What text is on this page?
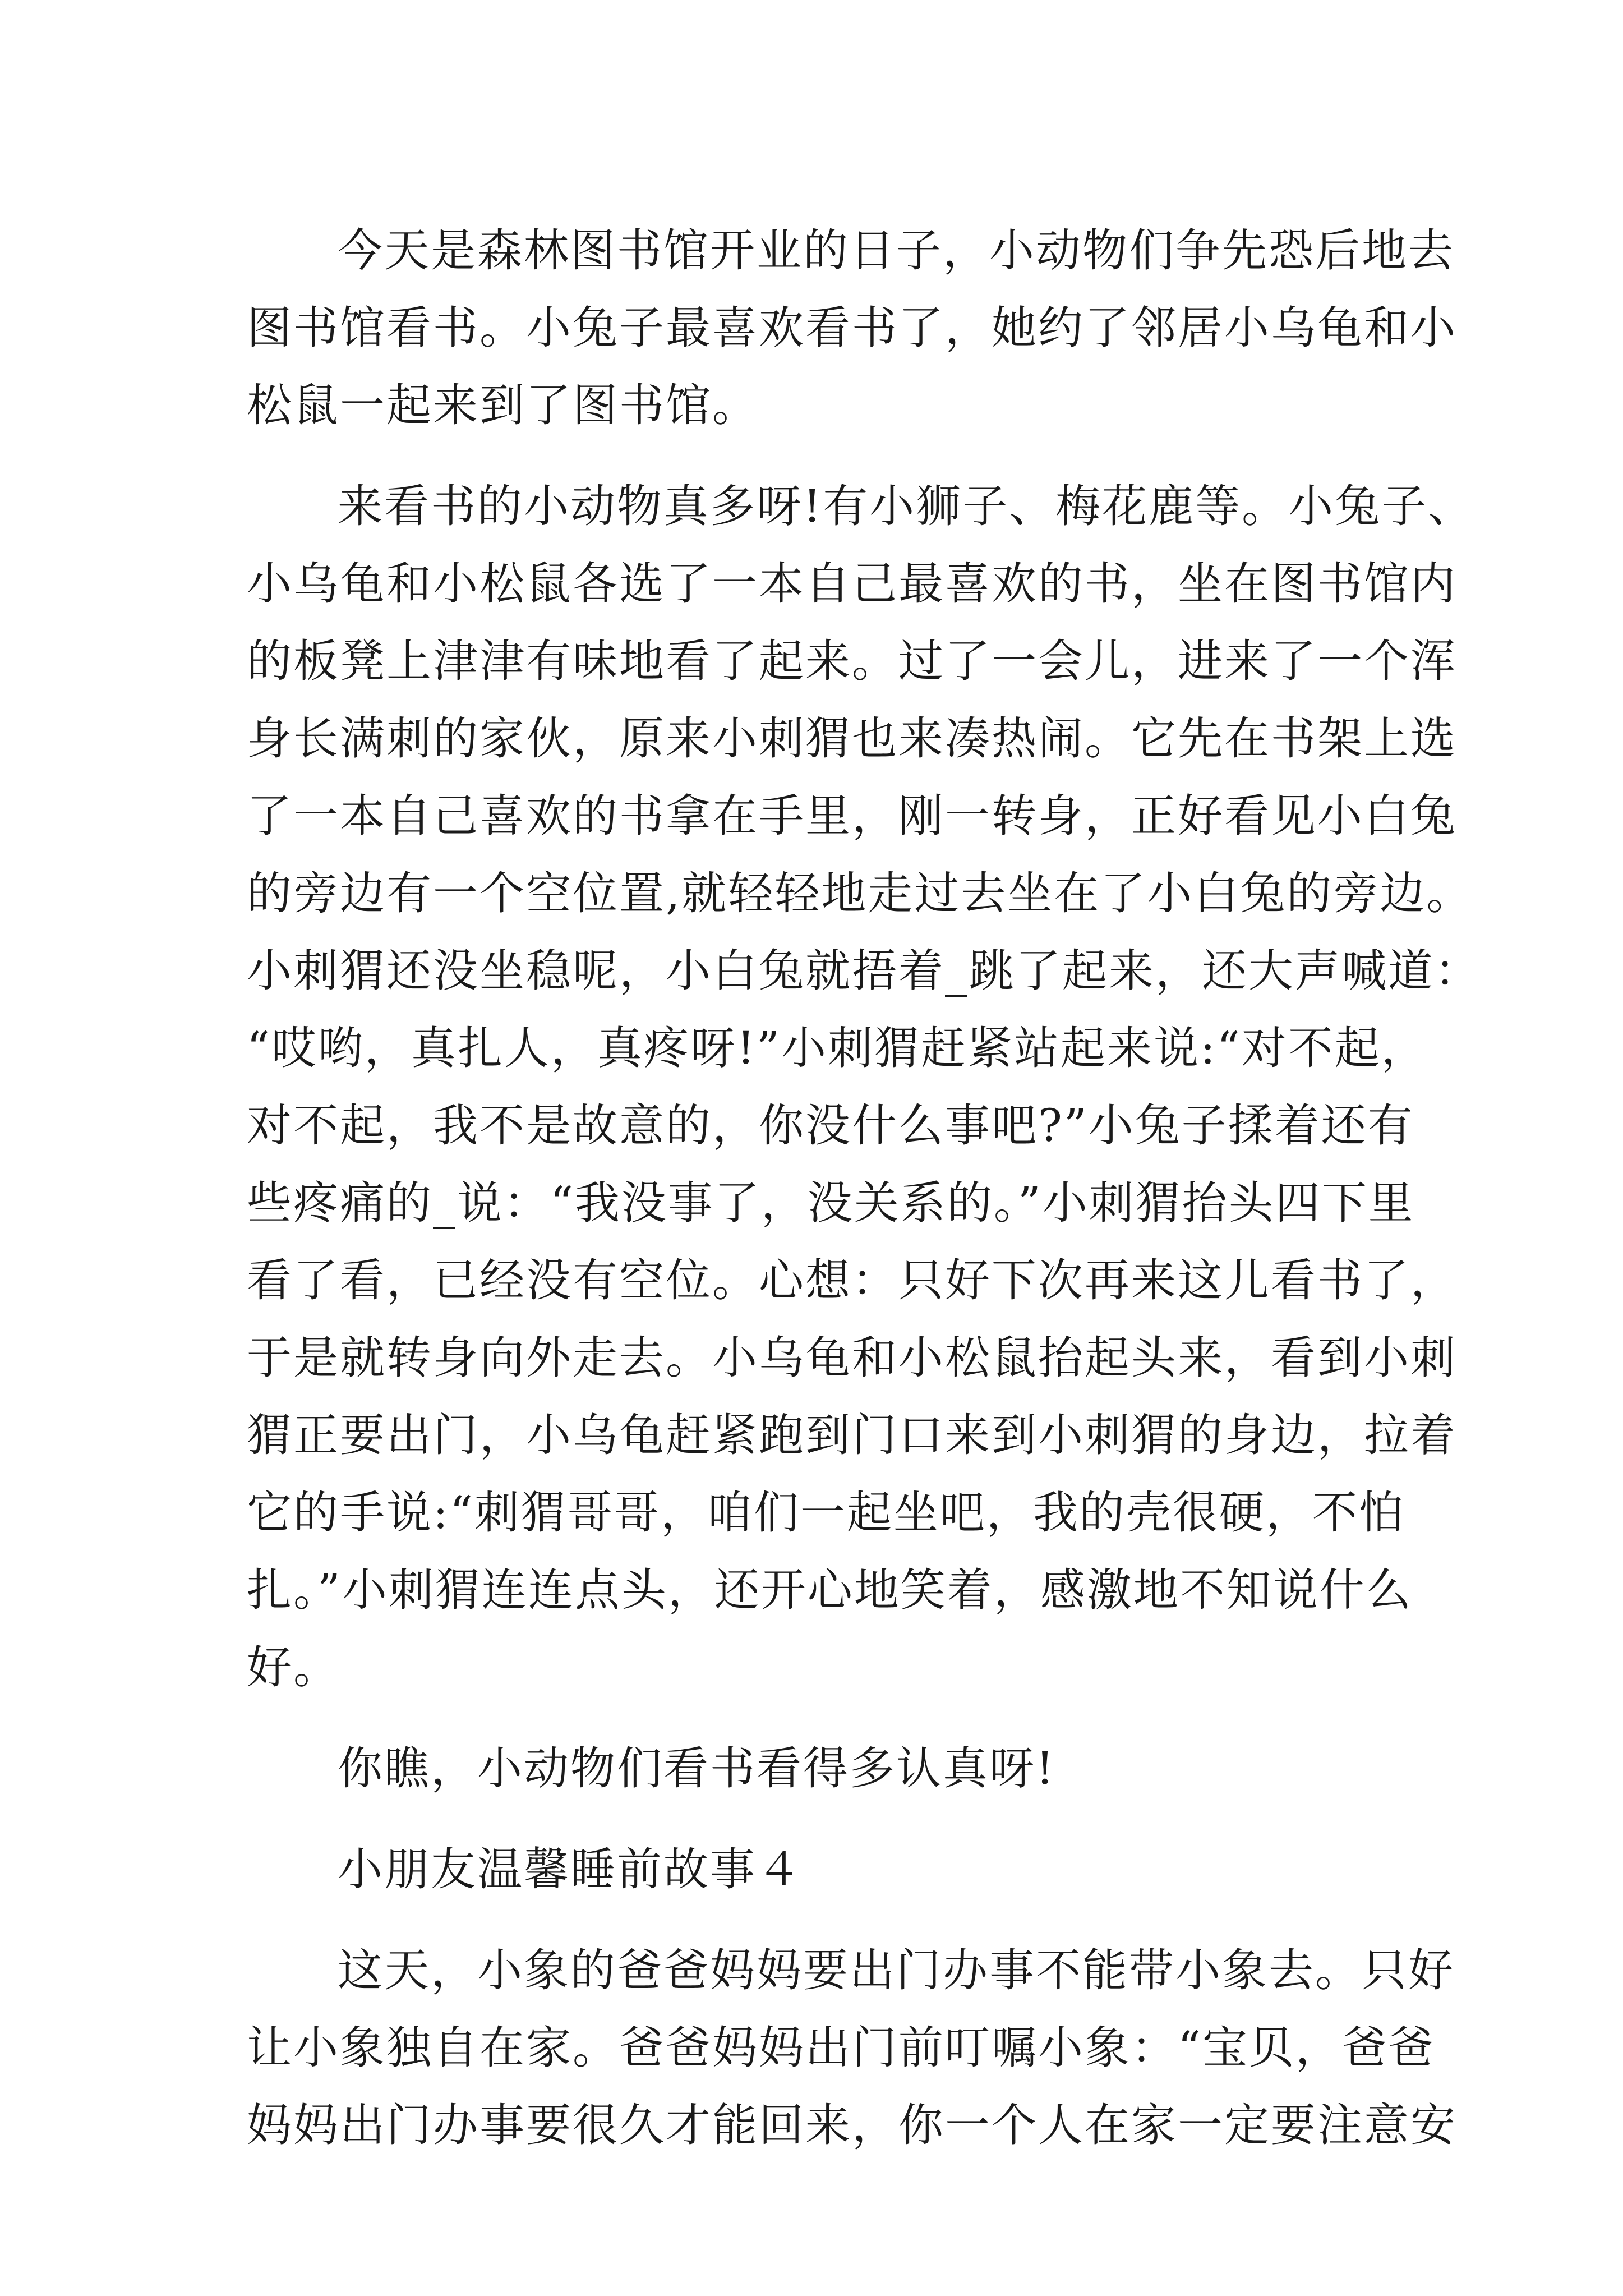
今天是森林图书馆开业的日子，小动物们争先恐后地去
图书馆看书。小兔子最喜欢看书了，她约了邻居小乌龟和小
松鼠一起来到了图书馆。
来看书的小动物真多呀!有小狮子、梅花鹿等。小兔子、
小乌龟和小松鼠各选了一本自己最喜欢的书，坐在图书馆内
的板凳上津津有味地看了起来。过了一会儿，进来了一个浑
身长满刺的家伙，原来小刺猬也来凑热闹。它先在书架上选
了一本自己喜欢的书拿在手里，刚一转身，正好看见小白兔
的旁边有一个空位置,就轻轻地走过去坐在了小白兔的旁边。
小刺猬还没坐稳呢，小白兔就捂着_跳了起来，还大声喊道：
“哎哟，真扎人，真疼呀!”小刺猬赶紧站起来说:“对不起，
对不起，我不是故意的，你没什么事吧?”小兔子揉着还有
些疼痛的_说：“我没事了，没关系的。”小刺猬抬头四下里
看了看，已经没有空位。心想：只好下次再来这儿看书了，
于是就转身向外走去。小乌龟和小松鼠抬起头来，看到小刺
猬正要出门，小乌龟赶紧跑到门口来到小刺猬的身边，拉着
它的手说:“刺猬哥哥，咱们一起坐吧，我的壳很硬，不怕
扎。”小刺猬连连点头，还开心地笑着，感激地不知说什么
好。
你瞧，小动物们看书看得多认真呀!
小朋友温馨睡前故事４
这天，小象的爸爸妈妈要出门办事不能带小象去。只好
让小象独自在家。爸爸妈妈出门前叮嘱小象：“宝贝，爸爸
妈妈出门办事要很久才能回来，你一个人在家一定要注意安
